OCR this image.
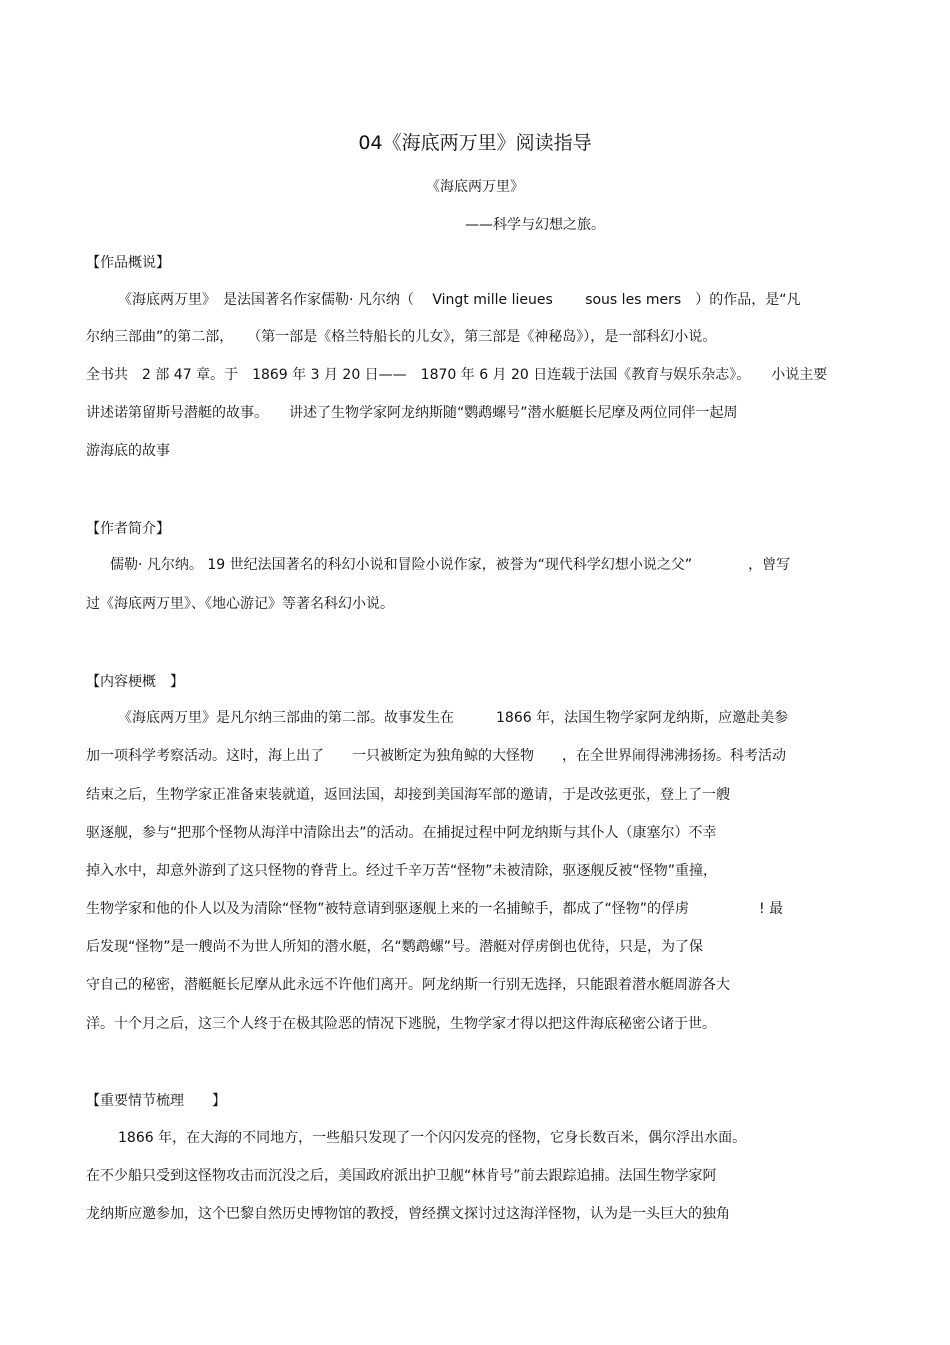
04《海底两万里》阅读指导
《海底两万里》
——科学与幻想之旅。
【作品概说】
《海底两万里》　是法国著名作家儒勒· 凡尔纳（　 Vingt mille lieues　　 sous les mers　）的作品，是“凡
尔纳三部曲”的第二部，　　（第一部是《格兰特船长的儿女》，第三部是《神秘岛》），是一部科幻小说。
全书共　2 部 47 章。于　1869 年 3 月 20 日——　1870 年 6 月 20 日连载于法国《教育与娱乐杂志》。　　小说主要
讲述诺第留斯号潜艇的故事。　　讲述了生物学家阿龙纳斯随“鹦鹉螺号”潜水艇艇长尼摩及两位同伴一起周
游海底的故事
【作者简介】
儒勒· 凡尔纳。 19 世纪法国著名的科幻小说和冒险小说作家，被誉为“现代科学幻想小说之父”　　　　，曾写
过《海底两万里》、《地心游记》等著名科幻小说。
【内容梗概　】
《海底两万里》是凡尔纳三部曲的第二部。故事发生在　　　1866 年，法国生物学家阿龙纳斯，应邀赴美参
加一项科学考察活动。这时，海上出了　　一只被断定为独角鲸的大怪物　　，在全世界闹得沸沸扬扬。科考活动
结束之后，生物学家正准备束装就道，返回法国，却接到美国海军部的邀请，于是改弦更张，登上了一艘
驱逐舰，参与“把那个怪物从海洋中清除出去”的活动。在捕捉过程中阿龙纳斯与其仆人（康塞尔）不幸
掉入水中，却意外游到了这只怪物的脊背上。经过千辛万苦“怪物”未被清除，驱逐舰反被“怪物”重撞，
生物学家和他的仆人以及为清除“怪物”被特意请到驱逐舰上来的一名捕鲸手，都成了“怪物”的俘虏　　　　　! 最
后发现“怪物”是一艘尚不为世人所知的潜水艇，名“鹦鹉螺”号。潜艇对俘虏倒也优待，只是，为了保
守自己的秘密，潜艇艇长尼摩从此永远不许他们离开。阿龙纳斯一行别无选择，只能跟着潜水艇周游各大
洋。十个月之后，这三个人终于在极其险恶的情况下逃脱，生物学家才得以把这件海底秘密公诸于世。
【重要情节梳理　　】
1866 年，在大海的不同地方，一些船只发现了一个闪闪发亮的怪物，它身长数百米，偶尔浮出水面。
在不少船只受到这怪物攻击而沉没之后，美国政府派出护卫舰“林肯号”前去跟踪追捕。法国生物学家阿
龙纳斯应邀参加，这个巴黎自然历史博物馆的教授，曾经撰文探讨过这海洋怪物，认为是一头巨大的独角
